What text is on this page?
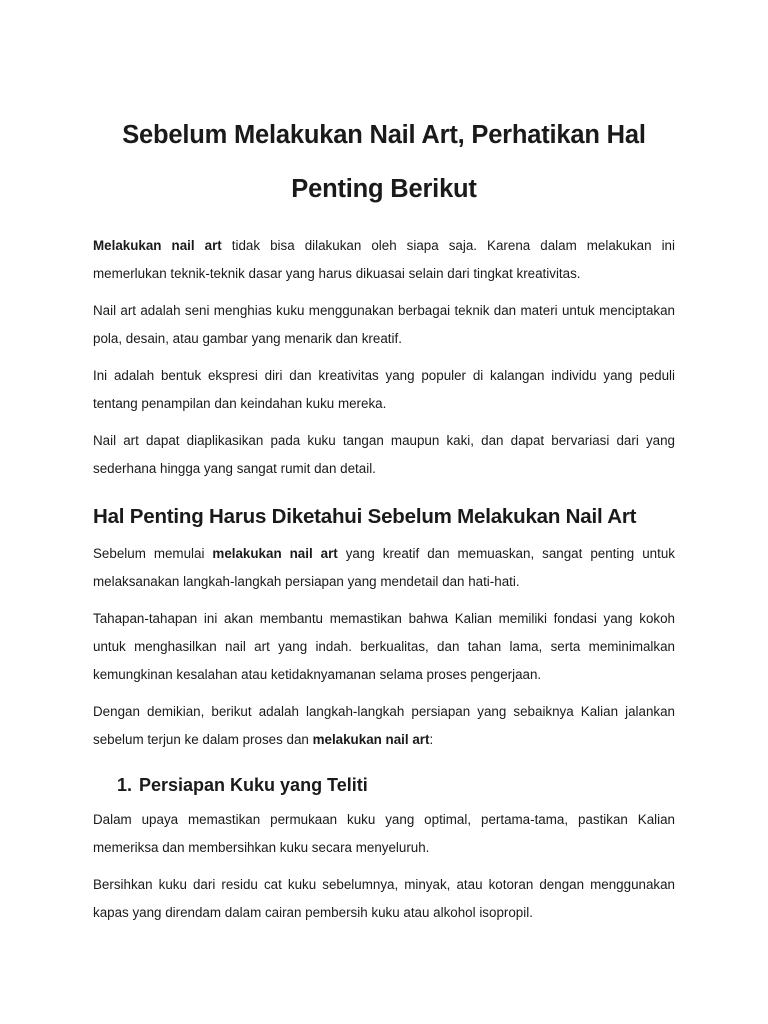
Sebelum Melakukan Nail Art, Perhatikan Hal
Penting Berikut

Melakukan nail art tidak bisa dilakukan oleh siapa saja. Karena dalam melakukan ini memerlukan teknik-teknik dasar yang harus dikuasai selain dari tingkat kreativitas.

Nail art adalah seni menghias kuku menggunakan berbagai teknik dan materi untuk menciptakan pola, desain, atau gambar yang menarik dan kreatif.

Ini adalah bentuk ekspresi diri dan kreativitas yang populer di kalangan individu yang peduli tentang penampilan dan keindahan kuku mereka.

Nail art dapat diaplikasikan pada kuku tangan maupun kaki, dan dapat bervariasi dari yang sederhana hingga yang sangat rumit dan detail.

Hal Penting Harus Diketahui Sebelum Melakukan Nail Art

Sebelum memulai melakukan nail art yang kreatif dan memuaskan, sangat penting untuk melaksanakan langkah-langkah persiapan yang mendetail dan hati-hati.

Tahapan-tahapan ini akan membantu memastikan bahwa Kalian memiliki fondasi yang kokoh untuk menghasilkan nail art yang indah. berkualitas, dan tahan lama, serta meminimalkan kemungkinan kesalahan atau ketidaknyamanan selama proses pengerjaan.

Dengan demikian, berikut adalah langkah-langkah persiapan yang sebaiknya Kalian jalankan sebelum terjun ke dalam proses dan melakukan nail art:

1. Persiapan Kuku yang Teliti

Dalam upaya memastikan permukaan kuku yang optimal, pertama-tama, pastikan Kalian memeriksa dan membersihkan kuku secara menyeluruh.

Bersihkan kuku dari residu cat kuku sebelumnya, minyak, atau kotoran dengan menggunakan kapas yang direndam dalam cairan pembersih kuku atau alkohol isopropil.
